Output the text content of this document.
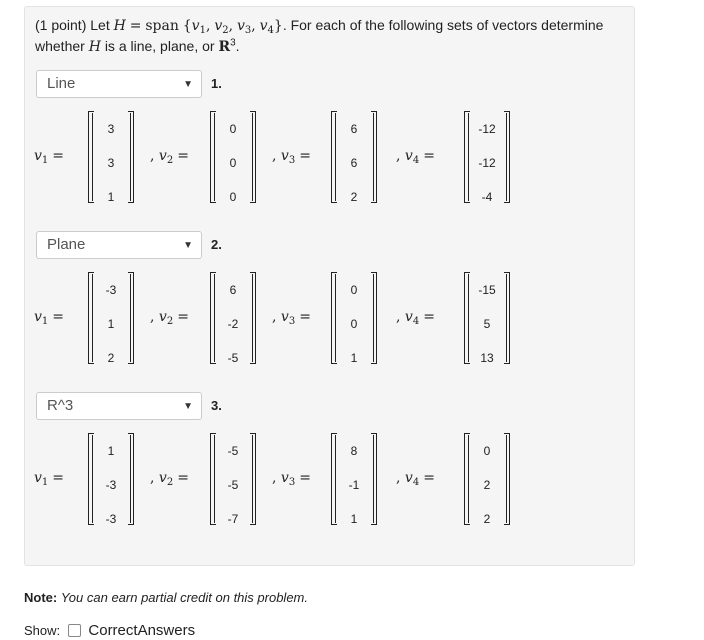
(1 point) Let H = span {$v_1$, $v_2$, $v_3$, $v_4$}. For each of the following sets of vectors determine
whether H is a line, plane, or $R^3$.
Line	▼ 1.
$v_1$ =
3
3
1
, $v_2$ =
0
0
0
, $v_3$ =
6
6
2
, $v_4$ =
-12
-12
-4
Plane	▼ 2.
$v_1$ =
-3
1
2
, $v_2$ =
6
-2
-5
, $v_3$ =
0
0
1
, $v_4$ =
-15
5
13
R^3	▼ 3.
$v_1$ =
1
-3
-3
, $v_2$ =
-5
-5
-7
, $v_3$ =
8
-1
1
, $v_4$ =
0
2
2
Note: You can earn partial credit on this problem.
Show: CorrectAnswers
